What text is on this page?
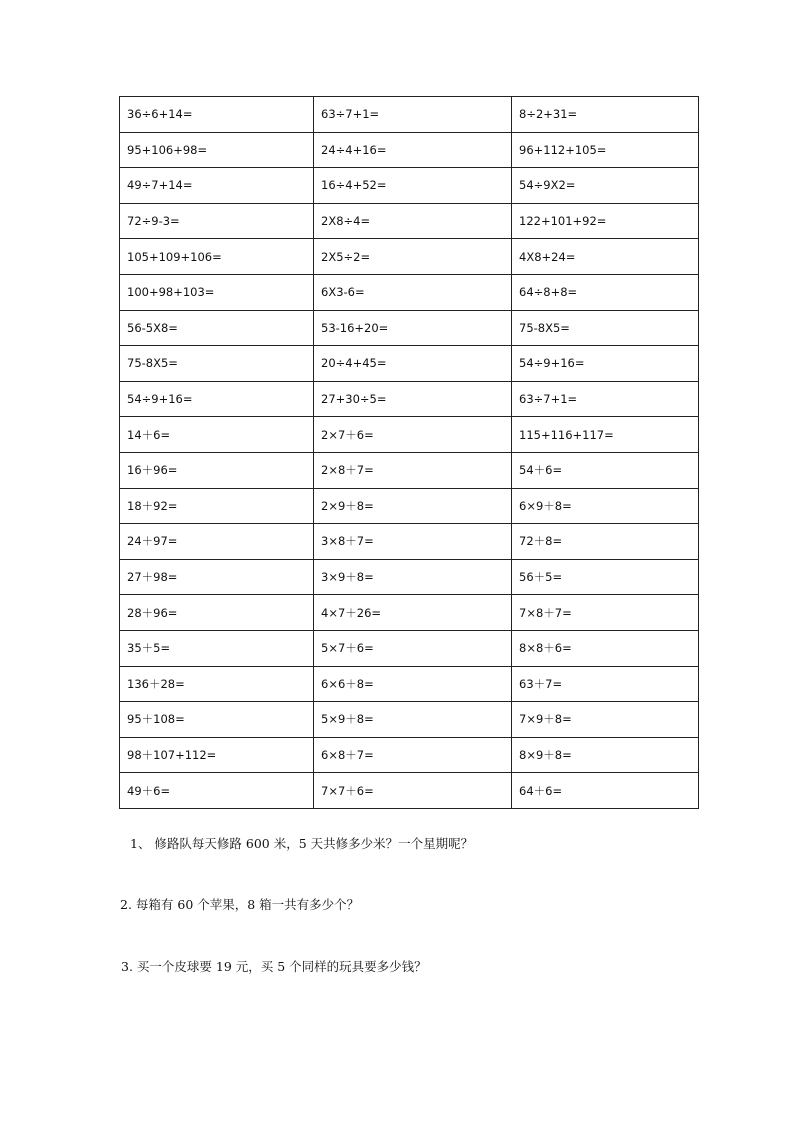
36÷6+14=	63÷7+1=	8÷2+31=
95+106+98=	24÷4+16=	96+112+105=
49÷7+14=	16÷4+52=	54÷9X2=
72÷9-3=	2X8÷4=	122+101+92=
105+109+106=	2X5÷2=	4X8+24=
100+98+103=	6X3-6=	64÷8+8=
56-5X8=	53-16+20=	75-8X5=
75-8X5=	20÷4+45=	54÷9+16=
54÷9+16=	27+30÷5=	63÷7+1=
14＋6=	2×7＋6=	115+116+117=
16＋96=	2×8＋7=	54＋6=
18＋92=	2×9＋8=	6×9＋8=
24＋97=	3×8＋7=	72＋8=
27＋98=	3×9＋8=	56＋5=
28＋96=	4×7＋26=	7×8＋7=
35＋5=	5×7＋6=	8×8＋6=
136＋28=	6×6＋8=	63＋7=
95＋108=	5×9＋8=	7×9＋8=
98＋107+112=	6×8＋7=	8×9＋8=
49＋6=	7×7＋6=	64＋6=
1、 修路队每天修路 600 米，5 天共修多少米？一个星期呢？
2. 每箱有 60 个苹果，8 箱一共有多少个？
3. 买一个皮球要 19 元，买 5 个同样的玩具要多少钱？
